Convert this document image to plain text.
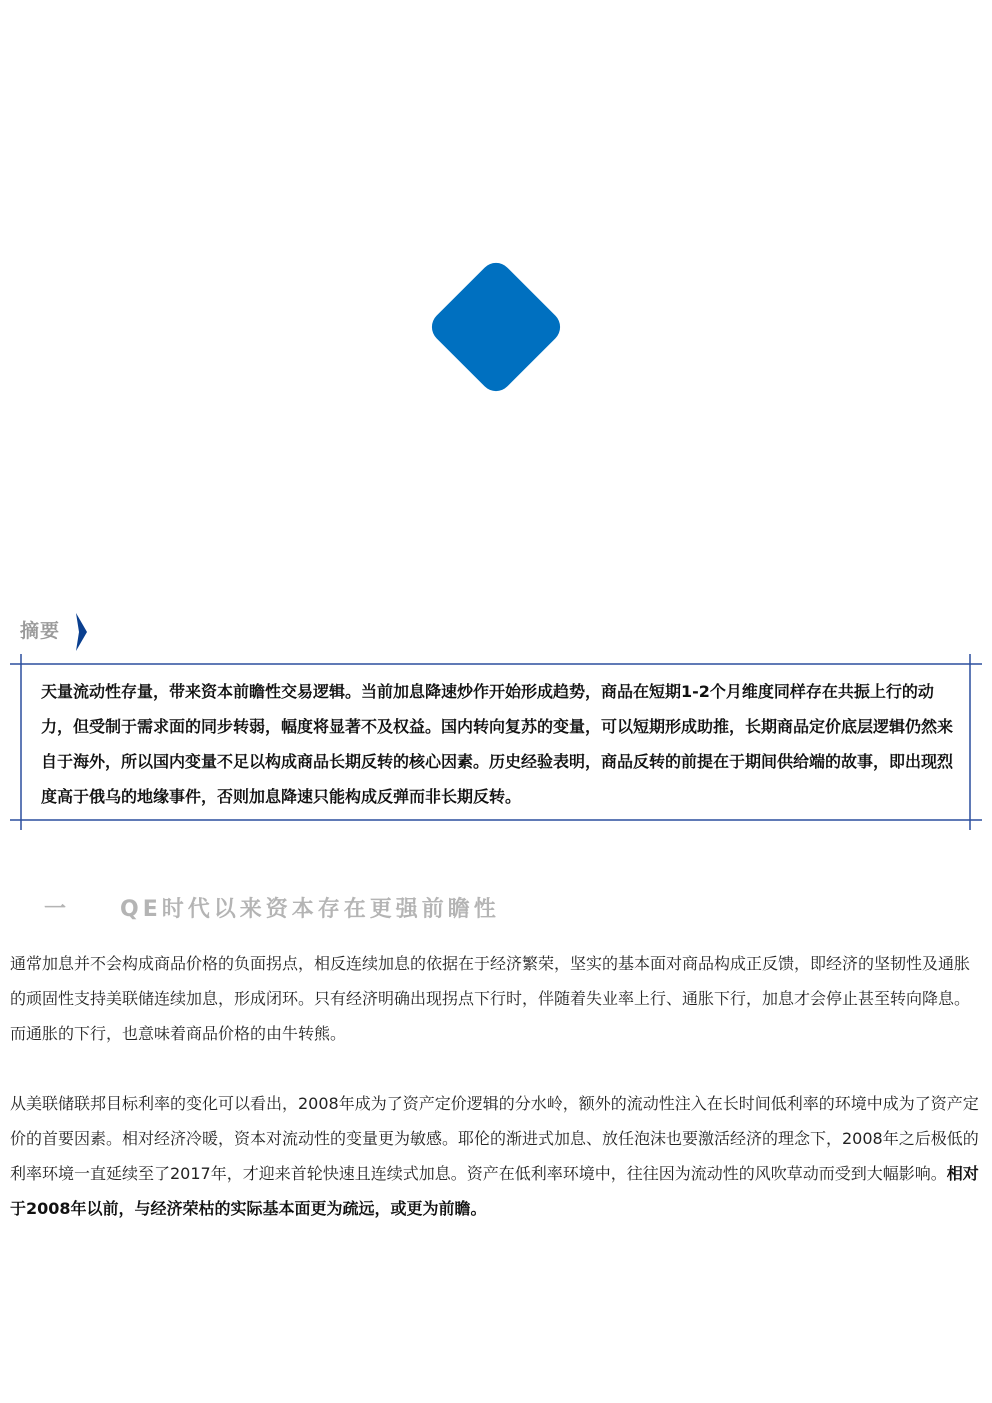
摘要

天量流动性存量，带来资本前瞻性交易逻辑。当前加息降速炒作开始形成趋势，商品在短期1-2个月维度同样存在共振上行的动力，但受制于需求面的同步转弱，幅度将显著不及权益。国内转向复苏的变量，可以短期形成助推，长期商品定价底层逻辑仍然来自于海外，所以国内变量不足以构成商品长期反转的核心因素。历史经验表明，商品反转的前提在于期间供给端的故事，即出现烈度高于俄乌的地缘事件，否则加息降速只能构成反弹而非长期反转。

一 QE时代以来资本存在更强前瞻性

通常加息并不会构成商品价格的负面拐点，相反连续加息的依据在于经济繁荣，坚实的基本面对商品构成正反馈，即经济的坚韧性及通胀的顽固性支持美联储连续加息，形成闭环。只有经济明确出现拐点下行时，伴随着失业率上行、通胀下行，加息才会停止甚至转向降息。而通胀的下行，也意味着商品价格的由牛转熊。

从美联储联邦目标利率的变化可以看出，2008年成为了资产定价逻辑的分水岭，额外的流动性注入在长时间低利率的环境中成为了资产定价的首要因素。相对经济冷暖，资本对流动性的变量更为敏感。耶伦的渐进式加息、放任泡沫也要激活经济的理念下，2008年之后极低的利率环境一直延续至了2017年，才迎来首轮快速且连续式加息。资产在低利率环境中，往往因为流动性的风吹草动而受到大幅影响。相对于2008年以前，与经济荣枯的实际基本面更为疏远，或更为前瞻。
